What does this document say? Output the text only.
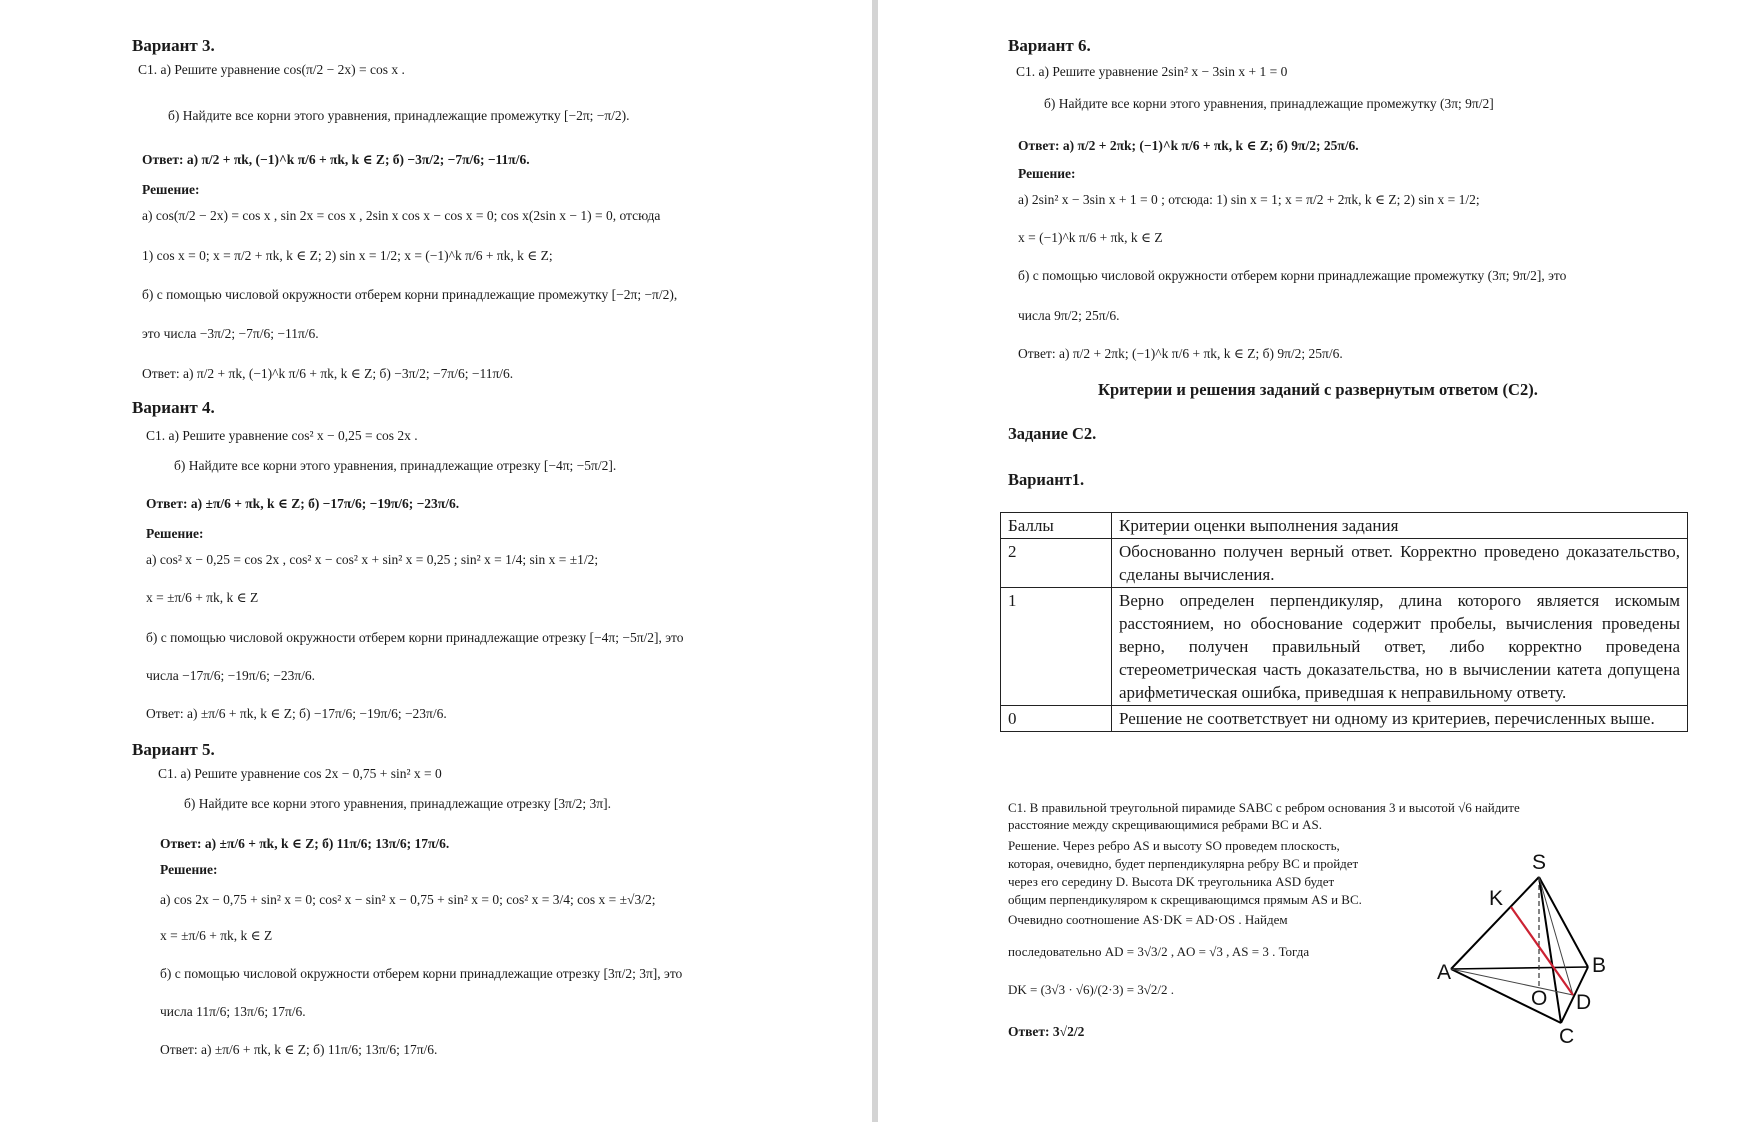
Вариант 3.
C1. а) Решите уравнение cos(π/2 − 2x) = cos x .
б) Найдите все корни этого уравнения, принадлежащие промежутку [−2π; −π/2).
Ответ: а) π/2 + πk, (−1)^k π/6 + πk, k ∈ Z; б) −3π/2; −7π/6; −11π/6.
Решение:
а) cos(π/2 − 2x) = cos x , sin 2x = cos x , 2sin x cos x − cos x = 0; cos x(2sin x − 1) = 0, отсюда
1) cos x = 0; x = π/2 + πk, k ∈ Z; 2) sin x = 1/2; x = (−1)^k π/6 + πk, k ∈ Z;
б) с помощью числовой окружности отберем корни принадлежащие промежутку [−2π; −π/2),
это числа −3π/2; −7π/6; −11π/6.
Ответ: а) π/2 + πk, (−1)^k π/6 + πk, k ∈ Z; б) −3π/2; −7π/6; −11π/6.
Вариант 4.
C1. а) Решите уравнение cos² x − 0,25 = cos 2x .
б) Найдите все корни этого уравнения, принадлежащие отрезку [−4π; −5π/2].
Ответ: а) ±π/6 + πk, k ∈ Z; б) −17π/6; −19π/6; −23π/6.
Решение:
а) cos² x − 0,25 = cos 2x , cos² x − cos² x + sin² x = 0,25 ; sin² x = 1/4; sin x = ±1/2;
x = ±π/6 + πk, k ∈ Z
б) с помощью числовой окружности отберем корни принадлежащие отрезку [−4π; −5π/2], это
числа −17π/6; −19π/6; −23π/6.
Ответ: а) ±π/6 + πk, k ∈ Z; б) −17π/6; −19π/6; −23π/6.
Вариант 5.
C1. а) Решите уравнение cos 2x − 0,75 + sin² x = 0
б) Найдите все корни этого уравнения, принадлежащие отрезку [3π/2; 3π].
Ответ: а) ±π/6 + πk, k ∈ Z; б) 11π/6; 13π/6; 17π/6.
Решение:
а) cos 2x − 0,75 + sin² x = 0; cos² x − sin² x − 0,75 + sin² x = 0; cos² x = 3/4; cos x = ±√3/2;
x = ±π/6 + πk, k ∈ Z
б) с помощью числовой окружности отберем корни принадлежащие отрезку [3π/2; 3π], это
числа 11π/6; 13π/6; 17π/6.
Ответ: а) ±π/6 + πk, k ∈ Z; б) 11π/6; 13π/6; 17π/6.
Вариант 6.
C1. а) Решите уравнение 2sin² x − 3sin x + 1 = 0
б) Найдите все корни этого уравнения, принадлежащие промежутку (3π; 9π/2]
Ответ: а) π/2 + 2πk; (−1)^k π/6 + πk, k ∈ Z; б) 9π/2; 25π/6.
Решение:
а) 2sin² x − 3sin x + 1 = 0 ; отсюда: 1) sin x = 1; x = π/2 + 2πk, k ∈ Z; 2) sin x = 1/2;
x = (−1)^k π/6 + πk, k ∈ Z
б) с помощью числовой окружности отберем корни принадлежащие промежутку (3π; 9π/2], это
числа 9π/2; 25π/6.
Ответ: а) π/2 + 2πk; (−1)^k π/6 + πk, k ∈ Z; б) 9π/2; 25π/6.
Критерии и решения заданий с развернутым ответом (С2).
Задание С2.
Вариант1.
Баллы	Критерии оценки выполнения задания
2	Обоснованно получен верный ответ. Корректно проведено доказательство, сделаны вычисления.
1	Верно определен перпендикуляр, длина которого является искомым расстоянием, но обоснование содержит пробелы, вычисления проведены верно, получен правильный ответ, либо корректно проведена стереометрическая часть доказательства, но в вычислении катета допущена арифметическая ошибка, приведшая к неправильному ответу.
0	Решение не соответствует ни одному из критериев, перечисленных выше.
C1. В правильной треугольной пирамиде SABC с ребром основания 3 и высотой √6 найдите
расстояние между скрещивающимися ребрами BC и AS.
Решение. Через ребро AS и высоту SO проведем плоскость,
которая, очевидно, будет перпендикулярна ребру BC и пройдет
через его середину D. Высота DK треугольника ASD будет
общим перпендикуляром к скрещивающимся прямым AS и BC.
Очевидно соотношение AS·DK = AD·OS . Найдем
последовательно AD = 3√3/2 , AO = √3 , AS = 3 . Тогда
DK = (3√3 · √6)/(2·3) = 3√2/2 .
Ответ: 3√2/2
S
K
A	B
O D
C
